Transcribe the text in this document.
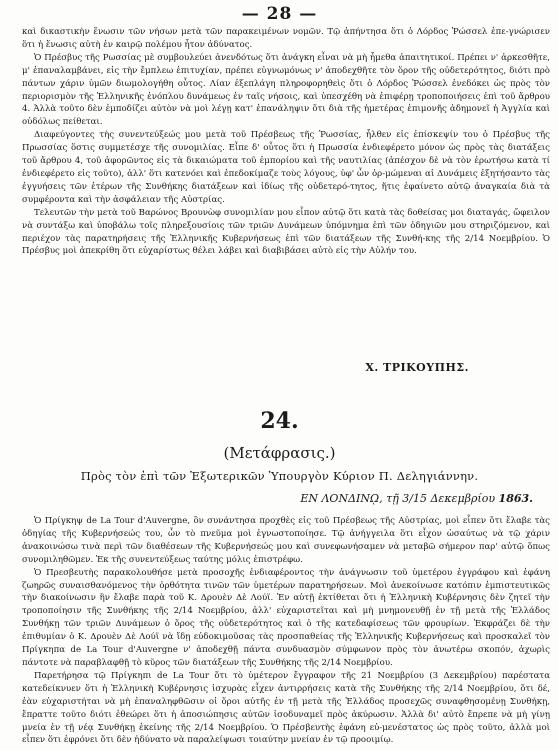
— 28 —

καὶ δικαστικὴν ἕνωσιν τῶν νήσων μετὰ τῶν παρακειμένων νομῶν. Τῷ ἀπήντησα ὅτι ὁ Λόρδος Ῥώσσελ ἐπε-γνώρισεν ὅτι ἡ ἕνωσις αὐτὴ ἐν καιρῷ πολέμου ἦτον ἀδύνατος.

Ὁ Πρέσβυς τῆς Ρωσσίας μὲ συμβουλεύει ἀνενδότως ὅτι ἀνάγκη εἶναι νὰ μὴ ἦμεθα ἀπαιτητικοί. Πρέπει ν' ἀρκεσθῆτε, μ' ἐπαναλαμβάνει, εἰς τὴν ἔμπλεω ἐπιτυχίαν, πρέπει εὐγνωμόνως ν' ἀποδεχθῆτε τὸν ὅρον τῆς οὐδετερότητος, διότι πρὸ πάντων χάριν ὑμῶν διωμολογήθη οὗτος. Λίαν ἐξεπλάγη πληροφορηθεὶς ὅτι ὁ Λόρδος Ῥώσσελ ἐνεδόκει ὡς πρὸς τὸν περιορισμὸν τῆς Ἑλληνικῆς ἐνόπλου δυνάμεως ἐν ταῖς νήσοις, καὶ ὑπεσχέθη νὰ ἐπιφέρῃ τροποποιήσεις ἐπὶ τοῦ ἄρθρου 4. Ἀλλὰ τοῦτο δὲν ἐμποδίζει αὐτὸν νὰ μοὶ λέγῃ κατ' ἐπανάληψιν ὅτι διὰ τῆς ἡμετέρας ἐπιμονῆς ἀδημονεῖ ἡ Ἀγγλία καὶ οὐδόλως πείθεται.

Διαφεύγοντες τὴς συνεντεύξεώς μου μετὰ τοῦ Πρέσβεως τῆς Ῥωσσίας, ἦλθεν εἰς ἐπίσκεψίν του ὁ Πρέσβυς τῆς Πρωσσίας ὅστις συμμετέσχε τῆς συνομιλίας. Εἶπε δ' οὗτος ὅτι ἡ Πρωσσία ἐνδιεφέρετο μόνον ὡς πρὸς τὰς διατάξεις τοῦ ἄρθρου 4, τοῦ ἀφορῶντος εἰς τὰ δικαιώματα τοῦ ἐμπορίου καὶ τῆς ναυτιλίας (ἀπέσχον δὲ νὰ τὸν ἐρωτήσω κατὰ τί ἐνδιεφέρετο εἰς τοῦτο), ἀλλ' ὅτι κατενόει καὶ ἐπεδοκίμαζε τοὺς λόγους, ὑφ' ὧν ὁρ-μώμεναι αἱ Δυνάμεις ἐξητήσαντο τὰς ἐγγυήσεις τῶν ἑτέρων τῆς Συνθήκης διατάξεων καὶ ἰδίως τῆς οὐδετερό-τητος, ἥτις ἐφαίνετο αὐτῷ ἀναγκαία διὰ τὰ συμφέροντα καὶ τὴν ἀσφάλειαν τῆς Αὐστρίας.

Τελευτῶν τὴν μετὰ τοῦ Βαρώνος Βρουνὼφ συνομιλίαν μου εἶπον αὐτῷ ὅτι κατὰ τὰς δοθείσας μοι διαταγάς, ὤφειλον νὰ συντάξω καὶ ὑποβάλω τοῖς πληρεξουσίοις τῶν τριῶν Δυνάμεων ὑπόμνημα ἐπὶ τῶν ὁδηγιῶν μου στηριζόμενον, καὶ περιέχον τὰς παρατηρήσεις τῆς Ἑλληνικῆς Κυβερνήσεως ἐπὶ τῶν διατάξεων τῆς Συνθή-κης τῆς 2/14 Νοεμβρίου. Ὁ Πρέσβυς μοὶ ἀπεκρίθη ὅτι εὐχαρίστως θέλει λάβει καὶ διαβιβάσει αὐτὸ εἰς τὴν Αὐλήν του.

Χ. ΤΡΙΚΟΥΠΗΣ.
24.
(Μετάφρασις.)
Πρὸς τὸν ἐπὶ τῶν Ἐξωτερικῶν Ὑπουργὸν Κύριον Π. Δεληγιάννην.
ΕΝ ΛΟΝΔΙΝῼ, τῇ 3/15 Δεκεμβρίου 1863.

Ὁ Πρίγκηψ de La Tour d'Auvergne, ὃν συνάντησα προχθὲς εἰς τοῦ Πρέσβεως τῆς Αὐστρίας, μοὶ εἶπεν ὅτι ἔλαβε τὰς ὁδηγίας τῆς Κυβερνήσεώς του, ὧν τὸ πνεῦμα μοὶ ἐγνωστοποίησε. Τῷ ἀνήγγειλα ὅτι εἶχον ὡσαύτως νὰ τῷ χάριν ἀνακοινώσω τινὰ περὶ τῶν διαθέσεων τῆς Κυβερνήσεώς μου καὶ συνεφωνήσαμεν νὰ μεταβῶ σήμερον παρ' αὐτῷ ὅπως συνομιληθῶμεν. Ἐκ τῆς συνεντεύξεως ταύτης μόλις ἐπιστρέφω.

Ὁ Πρεσβευτὴς παρακολουθήσε μετὰ προσοχῆς ἐνδιαφέροντος τὴν ἀνάγνωσιν τοῦ ὑμετέρου ἐγγράφου καὶ ἐφάνη ζωηρῶς συναισθανόμενος τὴν ὀρθότητα τινῶν τῶν ὑμετέρων παρατηρήσεων. Μοὶ ἀνεκοίνωσε κατόπιν ἐμπιστευτικῶς τὴν διακοίνωσιν ἣν ἔλαβε παρὰ τοῦ Κ. Δρουὲν Δὲ Λούϊ. Ἐν αὐτῇ ἐκτίθεται ὅτι ἡ Ἑλληνικὴ Κυβέρνησις δὲν ζητεῖ τὴν τροποποίησιν τῆς Συνθήκης τῆς 2/14 Νοεμβρίου, ἀλλ' εὐχαριστεῖται καὶ μὴ μνημονευθῇ ἐν τῇ μετὰ τῆς Ἑλλάδος Συνθήκῃ τῶν τριῶν Δυνάμεων ὁ ὅρος τῆς οὐδετερότητος καὶ ὁ τῆς κατεδαφίσεως τῶν φρουρίων. Ἐκφράζει δὲ τὴν ἐπιθυμίαν ὁ Κ. Δρουὲν Δὲ Λούϊ νὰ ἴδῃ εὐδοκιμοῦσας τὰς προσπαθείας τῆς Ἑλληνικῆς Κυβερνήσεως καὶ προσκαλεῖ τὸν Πρίγκηπα de La Tour d'Auvergne ν' ἀποδεχθῇ πάντα συνδυασμὸν σύμφωνον πρὸς τὸν ἀνωτέρω σκοπόν, ἀχωρὶς πάντοτε νὰ παραβλαφθῇ τὸ κῦρος τῶν διατάξεων τῆς Συνθήκης τῆς 2/14 Νοεμβρίου.

Παρετήρησα τῷ Πρίγκηπι de La Tour ὅτι τὸ ὑμέτερον ἔγγραφον τῆς 21 Νοεμβρίου (3 Δεκεμβρίου) παρέστατα κατεδείκνυεν ὅτι ἡ Ἑλληνικὴ Κυβέρνησις ἰσχυρὰς εἶχεν ἀντιρρήσεις κατὰ τῆς Συνθήκης τῆς 2/14 Νοεμβρίου, ὅτι δέ, ἐὰν εὐχαριστήται νὰ μὴ ἐπαναληφθῶσιν οἱ ὅροι αὐτῆς ἐν τῇ μετὰ τῆς Ἑλλάδος προσεχῶς συναφθησομένῃ Συνθήκῃ, ἔπραττε τοῦτο διότι ἐθεώρει ὅτι ἡ ἀποσιώπησις αὐτῶν ἰσοδυναμεῖ πρὸς ἀκύρωσιν. Ἀλλὰ δι' αὐτὸ ἔπρεπε νὰ μὴ γίνῃ μνεία ἐν τῇ νέᾳ Συνθήκῃ ἐκείνης τῆς 2/14 Νοεμβρίου. Ὁ Πρέσβευτὴς ἐφάνη εὐ-μενέστατος ὡς πρὸς τοῦτο, ἀλλὰ μοὶ εἶπεν ὅτι ἐφρόνει ὅτι δὲν ἠδύνατο νὰ παραλείψωσι τοιαύτην μνείαν ἐν τῷ προοιμίῳ.
